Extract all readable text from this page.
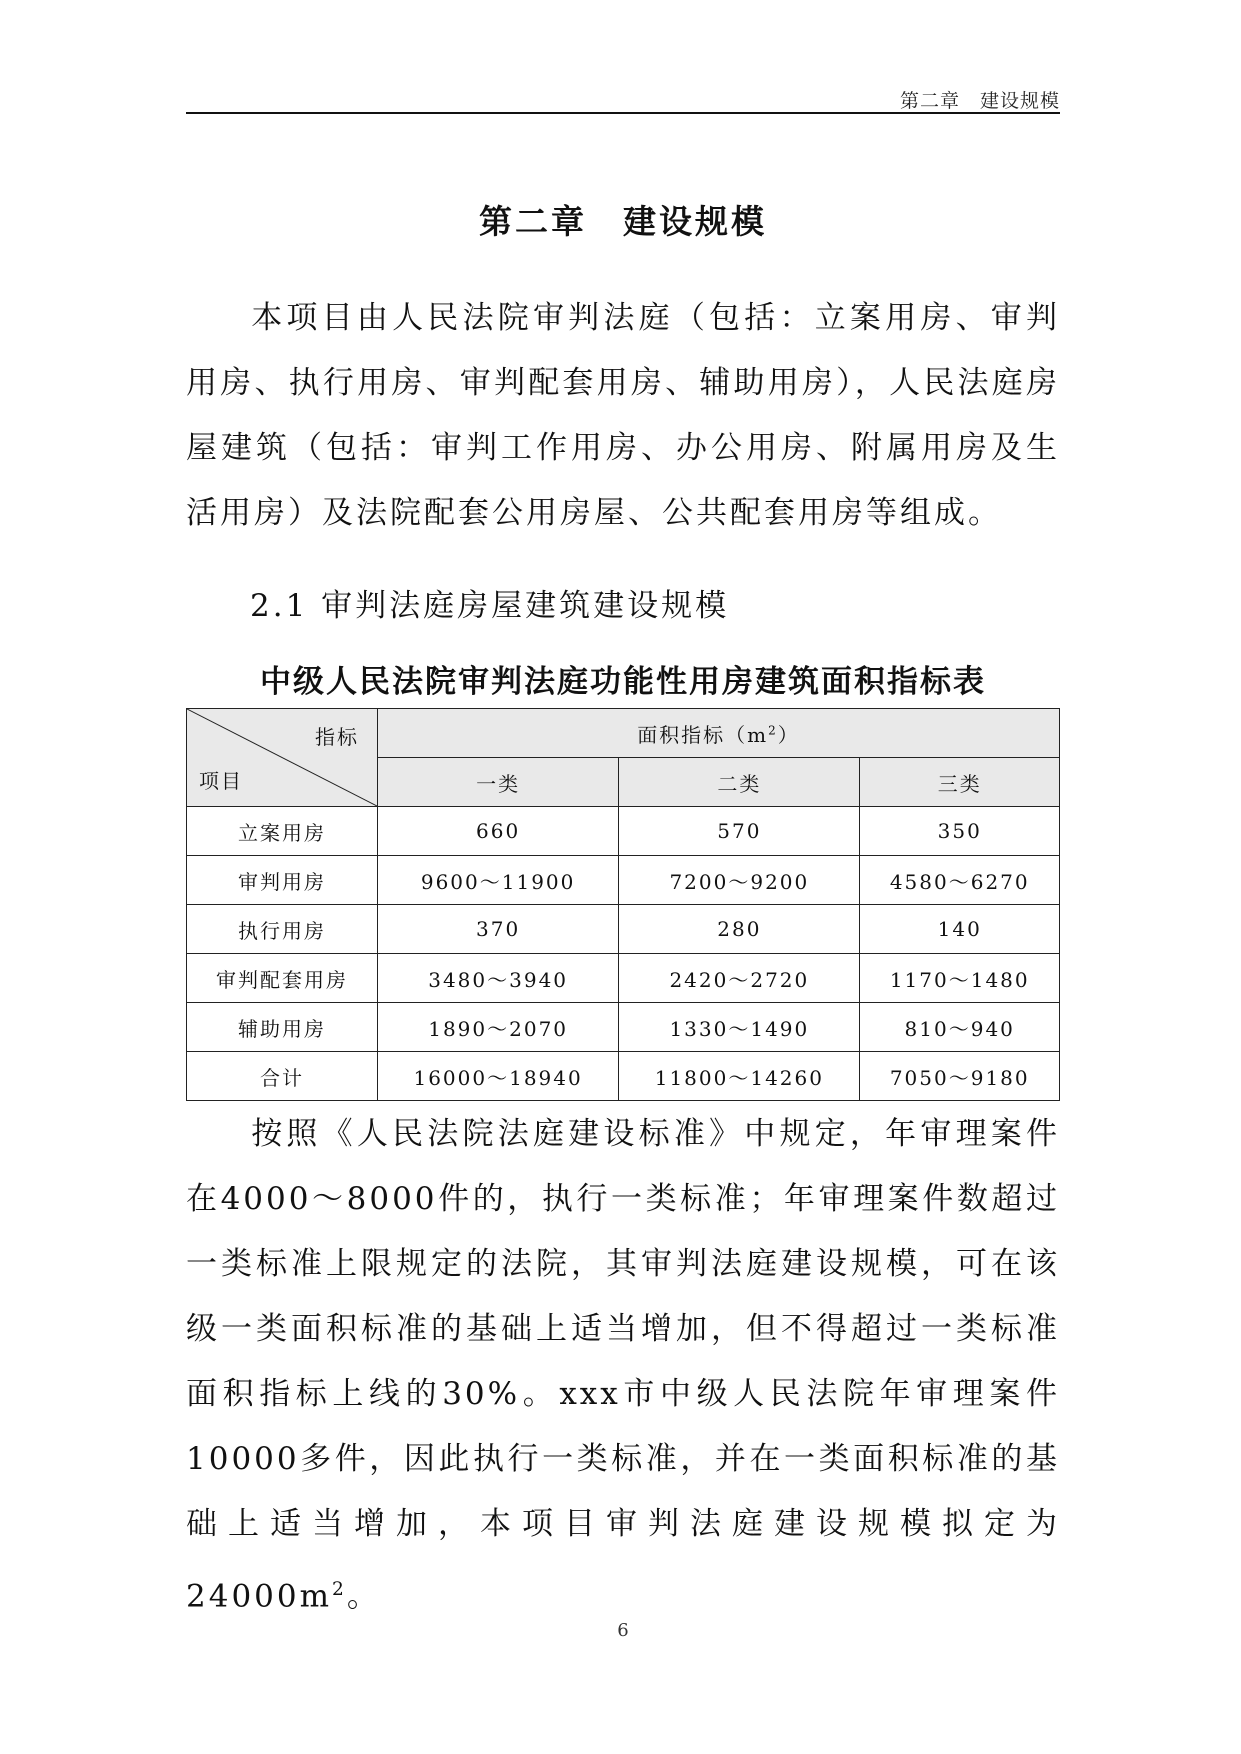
第二章　建设规模
第二章　建设规模

本项目由人民法院审判法庭（包括：立案用房、审判用房、执行用房、审判配套用房、辅助用房），人民法庭房屋建筑（包括：审判工作用房、办公用房、附属用房及生活用房）及法院配套公用房屋、公共配套用房等组成。

2.1 审判法庭房屋建筑建设规模
中级人民法院审判法庭功能性用房建筑面积指标表
指标
项目	面积指标$(m^2)$		
	一类	二类	三类
立案用房	660	570	350
审判用房	9600～11900	7200～9200	4580～6270
执行用房	370	280	140
审判配套用房	3480～3940	2420～2720	1170～1480
辅助用房	1890～2070	1330～1490	810～940
合计	16000～18940	11800～14260	7050～9180

按照《人民法院法庭建设标准》中规定，年审理案件在4000～8000件的，执行一类标准；年审理案件数超过一类标准上限规定的法院，其审判法庭建设规模，可在该级一类面积标准的基础上适当增加，但不得超过一类标准面积指标上线的30%。xxx市中级人民法院年审理案件10000多件，因此执行一类标准，并在一类面积标准的基础上适当增加，本项目审判法庭建设规模拟定为$24000m^2$。

6
